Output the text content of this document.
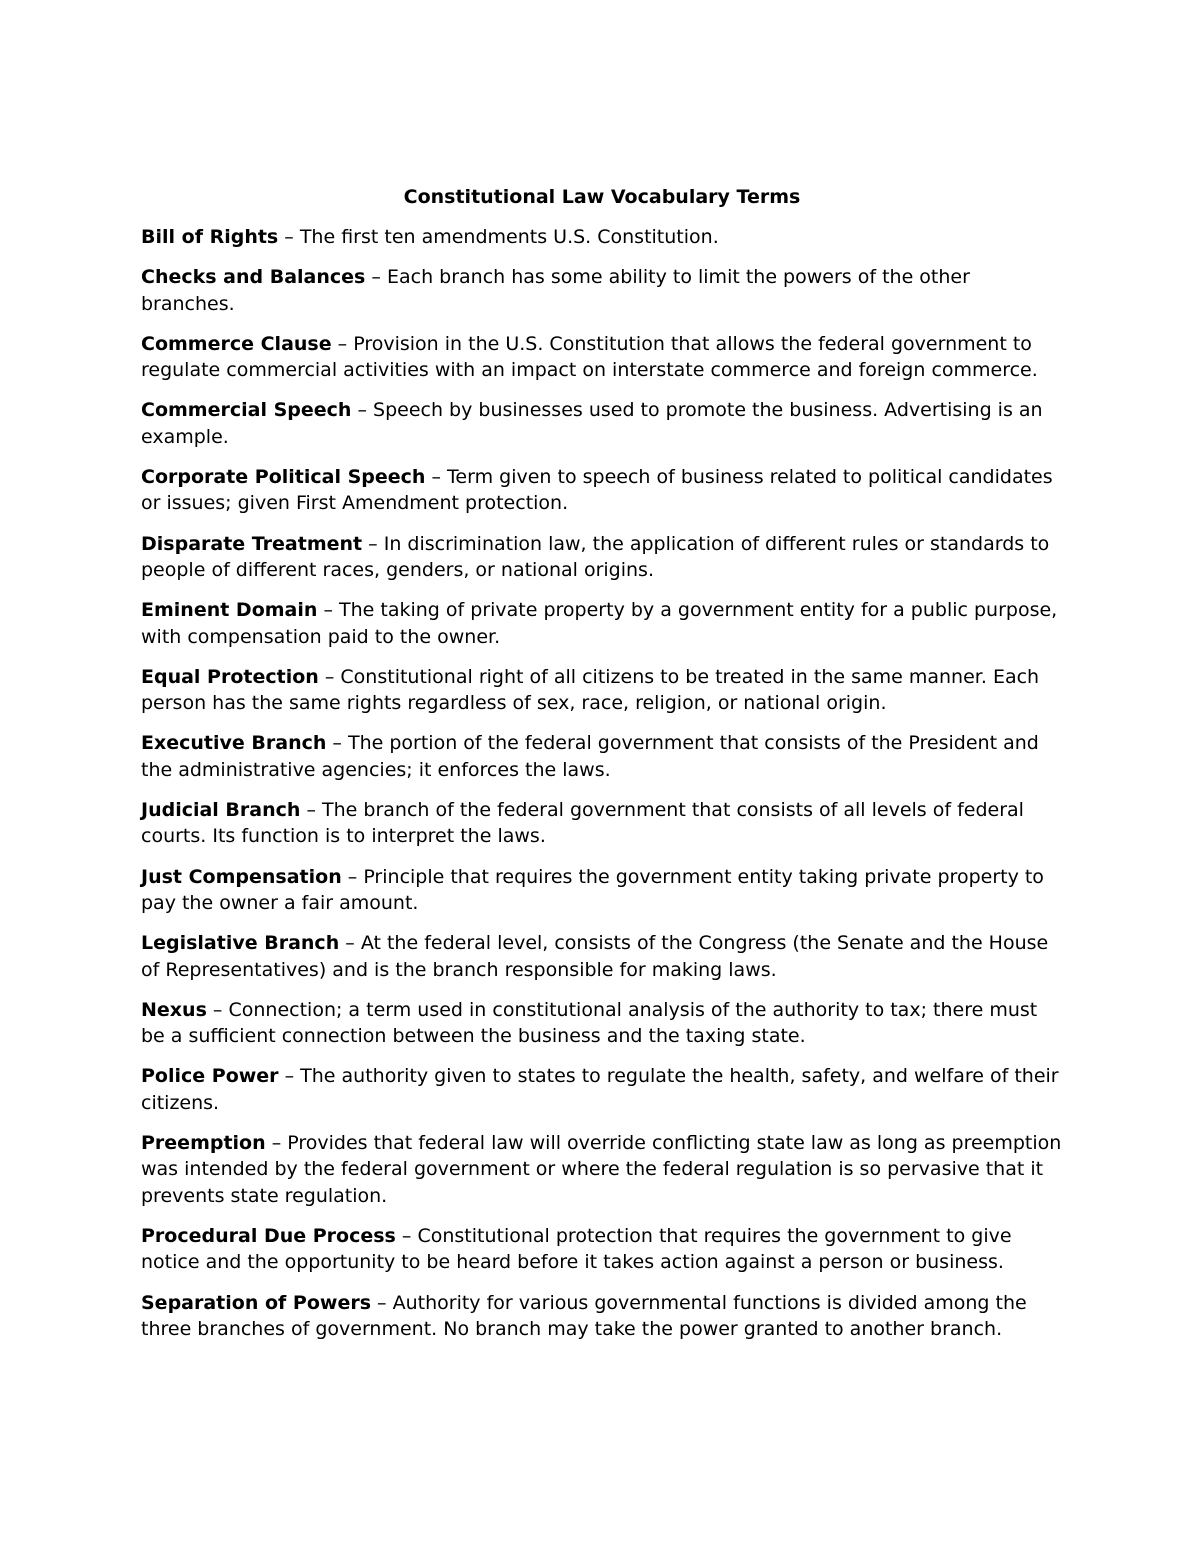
Constitutional Law Vocabulary Terms

Bill of Rights – The first ten amendments U.S. Constitution.

Checks and Balances – Each branch has some ability to limit the powers of the other branches.

Commerce Clause – Provision in the U.S. Constitution that allows the federal government to regulate commercial activities with an impact on interstate commerce and foreign commerce.

Commercial Speech – Speech by businesses used to promote the business. Advertising is an example.

Corporate Political Speech – Term given to speech of business related to political candidates or issues; given First Amendment protection.

Disparate Treatment – In discrimination law, the application of different rules or standards to people of different races, genders, or national origins.

Eminent Domain – The taking of private property by a government entity for a public purpose, with compensation paid to the owner.

Equal Protection – Constitutional right of all citizens to be treated in the same manner. Each person has the same rights regardless of sex, race, religion, or national origin.

Executive Branch – The portion of the federal government that consists of the President and the administrative agencies; it enforces the laws.

Judicial Branch – The branch of the federal government that consists of all levels of federal courts. Its function is to interpret the laws.

Just Compensation – Principle that requires the government entity taking private property to pay the owner a fair amount.

Legislative Branch – At the federal level, consists of the Congress (the Senate and the House of Representatives) and is the branch responsible for making laws.

Nexus – Connection; a term used in constitutional analysis of the authority to tax; there must be a sufficient connection between the business and the taxing state.

Police Power – The authority given to states to regulate the health, safety, and welfare of their citizens.

Preemption – Provides that federal law will override conflicting state law as long as preemption was intended by the federal government or where the federal regulation is so pervasive that it prevents state regulation.

Procedural Due Process – Constitutional protection that requires the government to give notice and the opportunity to be heard before it takes action against a person or business.

Separation of Powers – Authority for various governmental functions is divided among the three branches of government. No branch may take the power granted to another branch.
